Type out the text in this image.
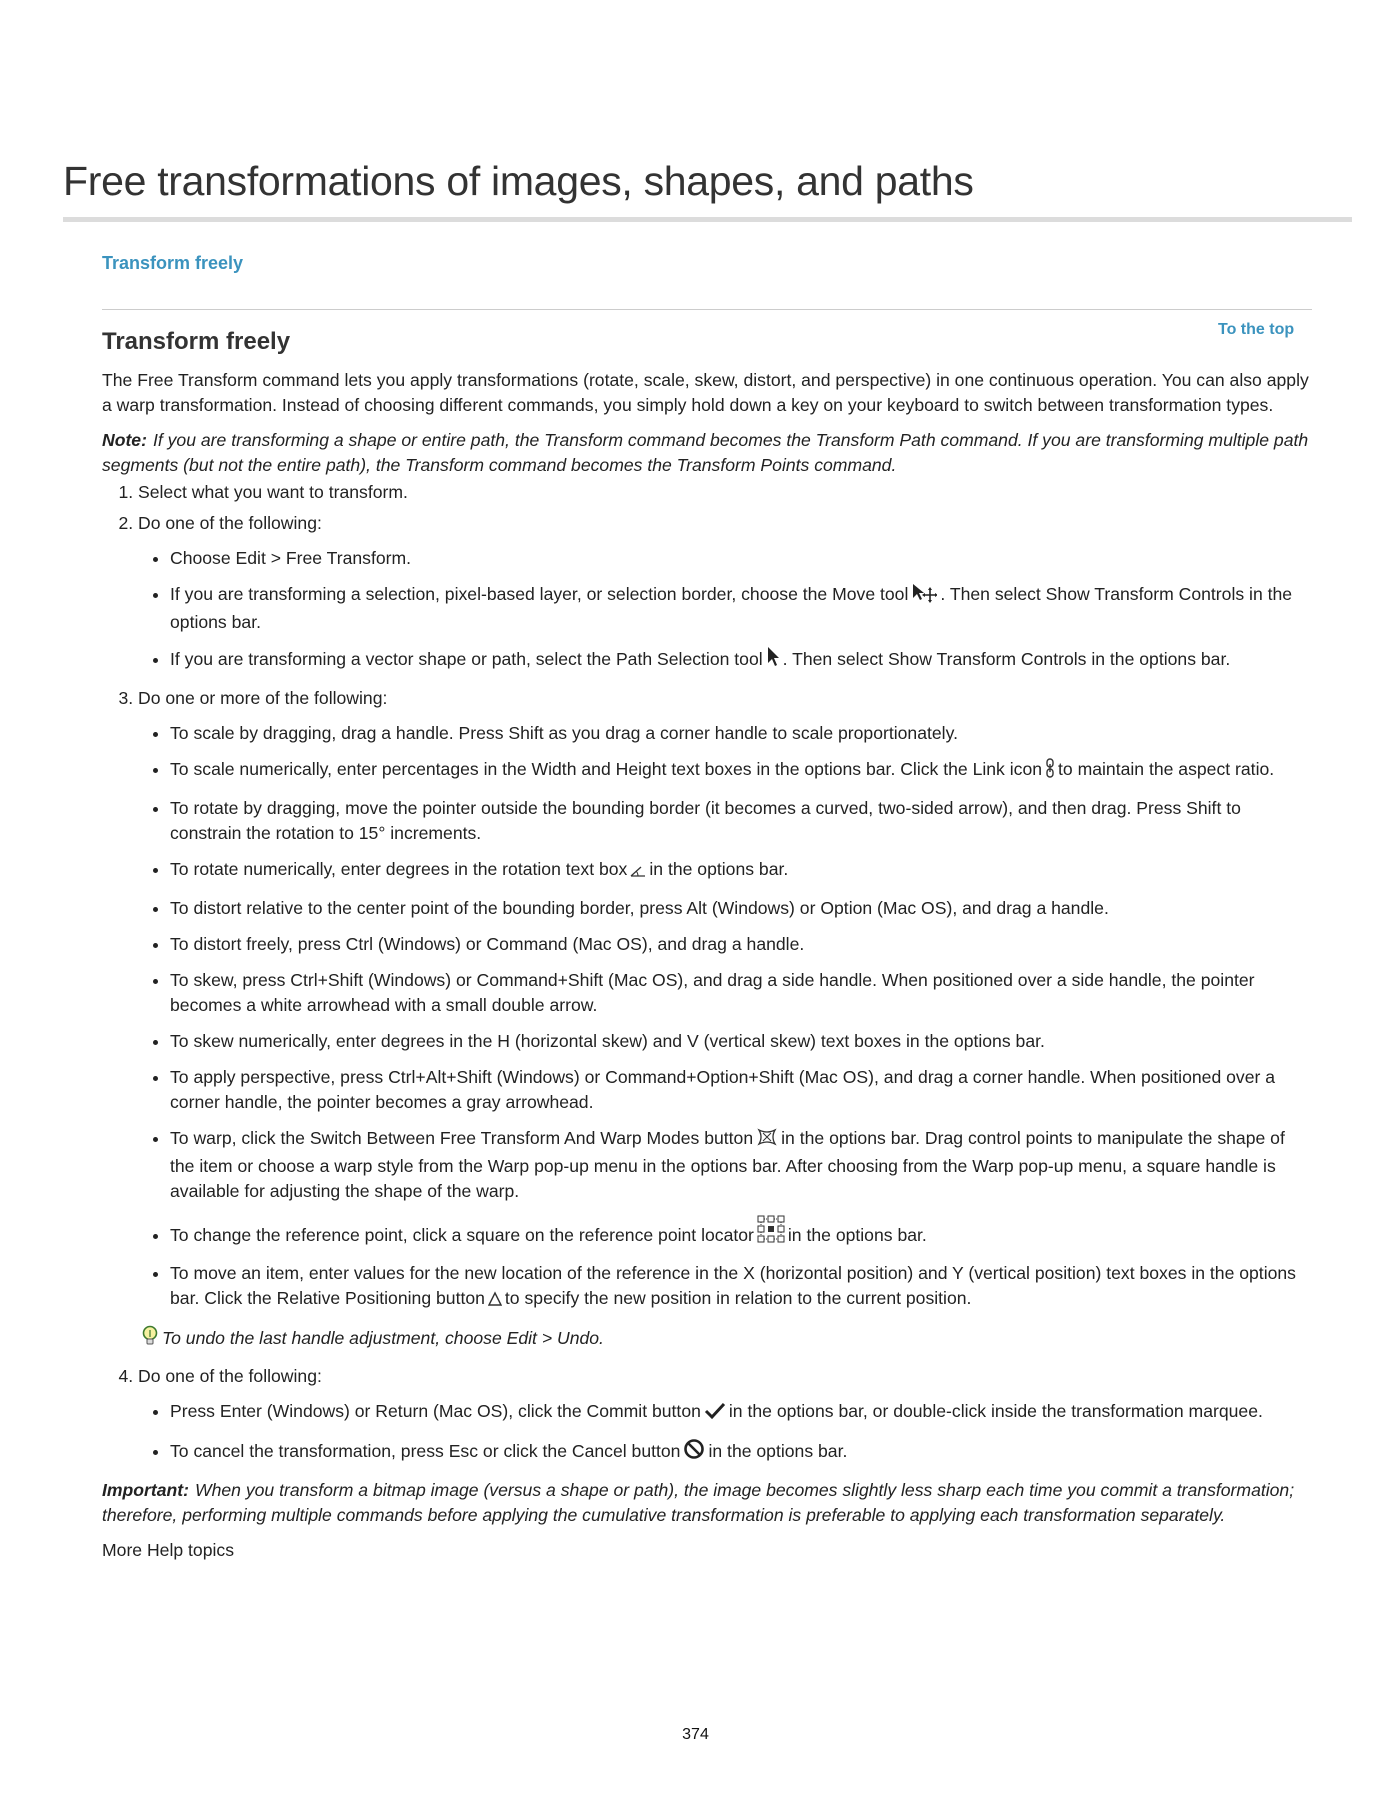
Free transformations of images, shapes, and paths
Transform freely
To the top
Transform freely

The Free Transform command lets you apply transformations (rotate, scale, skew, distort, and perspective) in one continuous operation. You can also apply a warp transformation. Instead of choosing different commands, you simply hold down a key on your keyboard to switch between transformation types.

Note: If you are transforming a shape or entire path, the Transform command becomes the Transform Path command. If you are transforming multiple path segments (but not the entire path), the Transform command becomes the Transform Points command.

1. Select what you want to transform.
2. Do one of the following:
• Choose Edit > Free Transform.
• If you are transforming a selection, pixel-based layer, or selection border, choose the Move tool . Then select Show Transform Controls in the options bar.
• If you are transforming a vector shape or path, select the Path Selection tool . Then select Show Transform Controls in the options bar.
3. Do one or more of the following:
• To scale by dragging, drag a handle. Press Shift as you drag a corner handle to scale proportionately.
• To scale numerically, enter percentages in the Width and Height text boxes in the options bar. Click the Link icon to maintain the aspect ratio.
• To rotate by dragging, move the pointer outside the bounding border (it becomes a curved, two-sided arrow), and then drag. Press Shift to constrain the rotation to 15° increments.
• To rotate numerically, enter degrees in the rotation text box in the options bar.
• To distort relative to the center point of the bounding border, press Alt (Windows) or Option (Mac OS), and drag a handle.
• To distort freely, press Ctrl (Windows) or Command (Mac OS), and drag a handle.
• To skew, press Ctrl+Shift (Windows) or Command+Shift (Mac OS), and drag a side handle. When positioned over a side handle, the pointer becomes a white arrowhead with a small double arrow.
• To skew numerically, enter degrees in the H (horizontal skew) and V (vertical skew) text boxes in the options bar.
• To apply perspective, press Ctrl+Alt+Shift (Windows) or Command+Option+Shift (Mac OS), and drag a corner handle. When positioned over a corner handle, the pointer becomes a gray arrowhead.
• To warp, click the Switch Between Free Transform And Warp Modes button in the options bar. Drag control points to manipulate the shape of the item or choose a warp style from the Warp pop-up menu in the options bar. After choosing from the Warp pop-up menu, a square handle is available for adjusting the shape of the warp.
• To change the reference point, click a square on the reference point locator in the options bar.
• To move an item, enter values for the new location of the reference in the X (horizontal position) and Y (vertical position) text boxes in the options bar. Click the Relative Positioning button to specify the new position in relation to the current position.

To undo the last handle adjustment, choose Edit > Undo.

4. Do one of the following:
• Press Enter (Windows) or Return (Mac OS), click the Commit button in the options bar, or double-click inside the transformation marquee.
• To cancel the transformation, press Esc or click the Cancel button in the options bar.

Important: When you transform a bitmap image (versus a shape or path), the image becomes slightly less sharp each time you commit a transformation; therefore, performing multiple commands before applying the cumulative transformation is preferable to applying each transformation separately.

More Help topics

374
